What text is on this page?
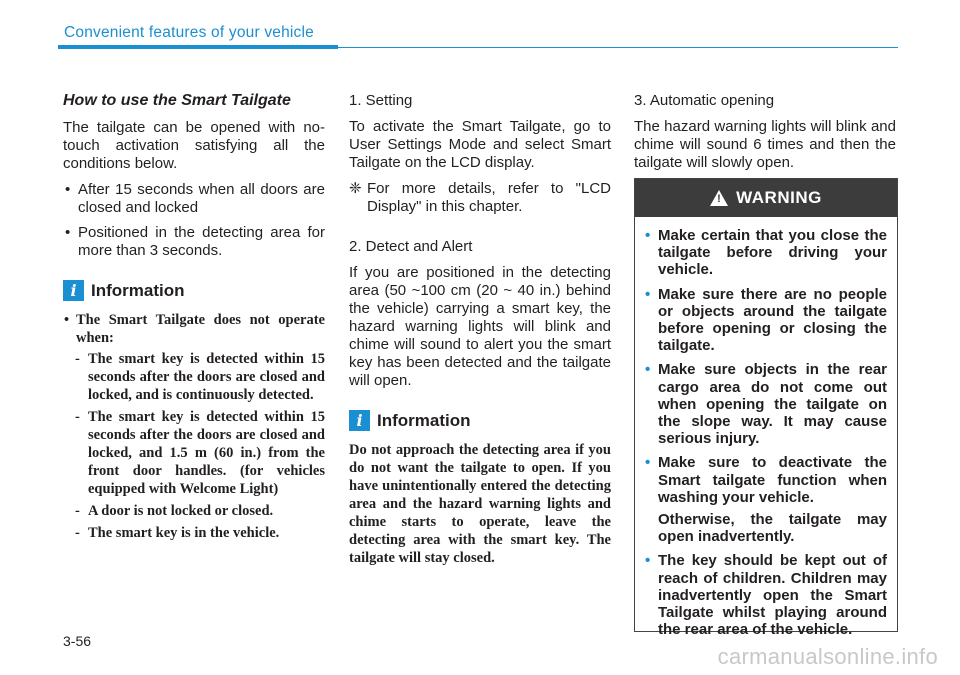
Convenient features of your vehicle
How to use the Smart Tailgate

The tailgate can be opened with no-touch activation satisfying all the conditions below.

• After 15 seconds when all doors are closed and locked
• Positioned in the detecting area for more than 3 seconds.
i Information
• The Smart Tailgate does not operate when:
- The smart key is detected within 15 seconds after the doors are closed and locked, and is continuously detected.
- The smart key is detected within 15 seconds after the doors are closed and locked, and 1.5 m (60 in.) from the front door handles. (for vehicles equipped with Welcome Light)
- A door is not locked or closed.
- The smart key is in the vehicle.

1. Setting

To activate the Smart Tailgate, go to User Settings Mode and select Smart Tailgate on the LCD display.

❈ For more details, refer to "LCD Display" in this chapter.

2. Detect and Alert

If you are positioned in the detecting area (50 ~100 cm (20 ~ 40 in.) behind the vehicle) carrying a smart key, the hazard warning lights will blink and chime will sound to alert you the smart key has been detected and the tailgate will open.

i Information

Do not approach the detecting area if you do not want the tailgate to open. If you have unintentionally entered the detecting area and the hazard warning lights and chime starts to operate, leave the detecting area with the smart key. The tailgate will stay closed.

3. Automatic opening

The hazard warning lights will blink and chime will sound 6 times and then the tailgate will slowly open.

! WARNING
• Make certain that you close the tailgate before driving your vehicle.
• Make sure there are no people or objects around the tailgate before opening or closing the tailgate.
• Make sure objects in the rear cargo area do not come out when opening the tailgate on the slope way. It may cause serious injury.
• Make sure to deactivate the Smart tailgate function when washing your vehicle.
Otherwise, the tailgate may open inadvertently.
• The key should be kept out of reach of children. Children may inadvertently open the Smart Tailgate whilst playing around the rear area of the vehicle.
3-56
carmanualsonline.info
